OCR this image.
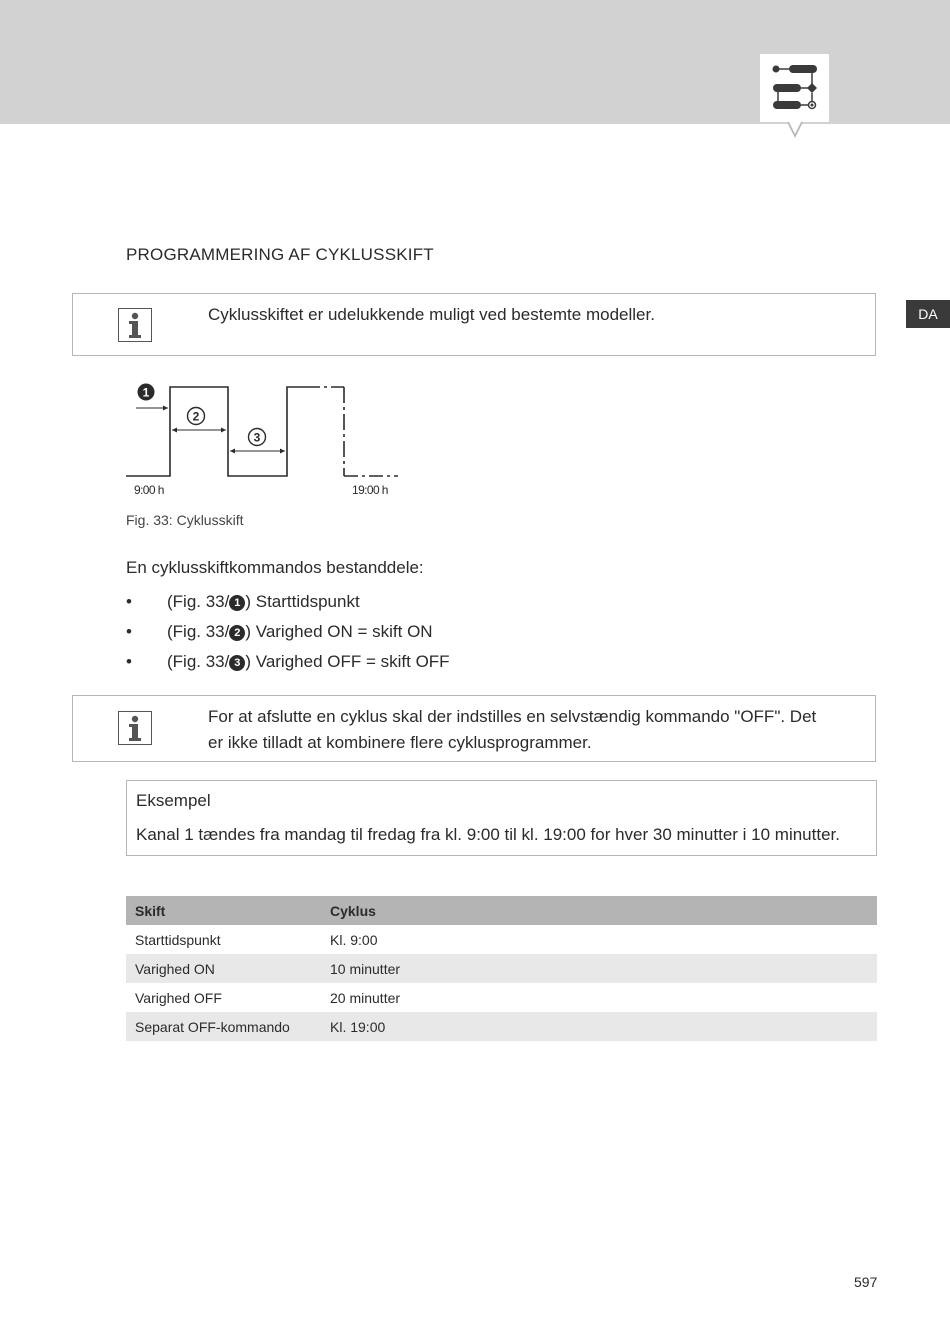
DA
PROGRAMMERING AF CYKLUSSKIFT
Cyklusskiftet er udelukkende muligt ved bestemte modeller.
1
2
3
9:00 h	19:00 h
Fig. 33: Cyklusskift
En cyklusskiftkommandos bestanddele:
• (Fig. 33/ 1 ) Starttidspunkt
• (Fig. 33/ 2 ) Varighed ON = skift ON
• (Fig. 33/ 3 ) Varighed OFF = skift OFF
For at afslutte en cyklus skal der indstilles en selvstændig kommando "OFF". Det er ikke tilladt at kombinere flere cyklusprogrammer.
Eksempel
Kanal 1 tændes fra mandag til fredag fra kl. 9:00 til kl. 19:00 for hver 30 minutter i 10 minutter.
Skift	Cyklus
Starttidspunkt	Kl. 9:00
Varighed ON	10 minutter
Varighed OFF	20 minutter
Separat OFF-kommando	Kl. 19:00
597
